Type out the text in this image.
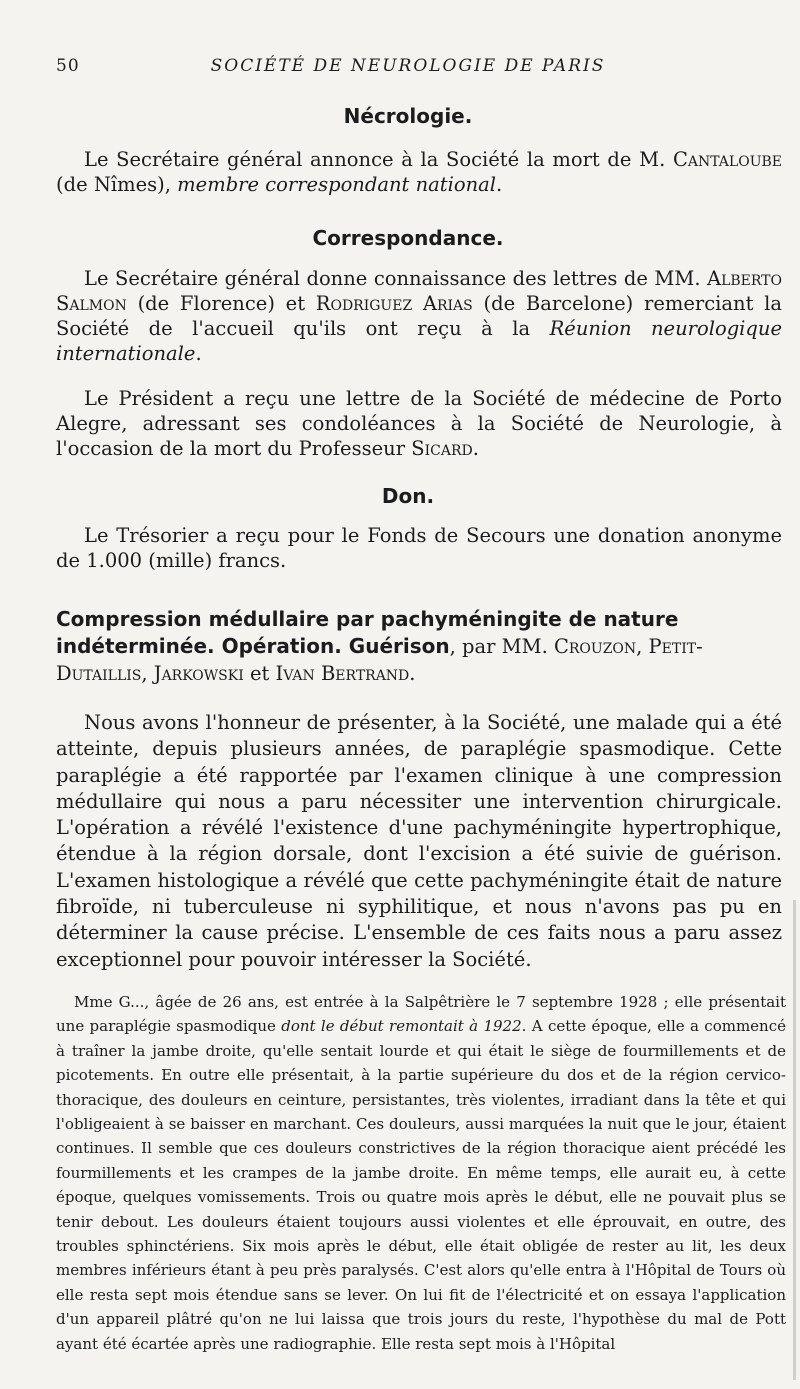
50	SOCIÉTÉ DE NEUROLOGIE DE PARIS
Nécrologie.
Le Secrétaire général annonce à la Société la mort de M. Cantaloube (de Nîmes), membre correspondant national.
Correspondance.
Le Secrétaire général donne connaissance des lettres de MM. Alberto Salmon (de Florence) et Rodriguez Arias (de Barcelone) remerciant la Société de l'accueil qu'ils ont reçu à la Réunion neurologique internationale.
Le Président a reçu une lettre de la Société de médecine de Porto Alegre, adressant ses condoléances à la Société de Neurologie, à l'occasion de la mort du Professeur Sicard.
Don.
Le Trésorier a reçu pour le Fonds de Secours une donation anonyme de 1.000 (mille) francs.
Compression médullaire par pachyméningite de nature indéterminée. Opération. Guérison, par MM. Crouzon, Petit-Dutaillis, Jarkowski et Ivan Bertrand.
Nous avons l'honneur de présenter, à la Société, une malade qui a été atteinte, depuis plusieurs années, de paraplégie spasmodique. Cette paraplégie a été rapportée par l'examen clinique à une compression médullaire qui nous a paru nécessiter une intervention chirurgicale. L'opération a révélé l'existence d'une pachyméningite hypertrophique, étendue à la région dorsale, dont l'excision a été suivie de guérison. L'examen histologique a révélé que cette pachyméningite était de nature fibroïde, ni tuberculeuse ni syphilitique, et nous n'avons pas pu en déterminer la cause précise. L'ensemble de ces faits nous a paru assez exceptionnel pour pouvoir intéresser la Société.
Mme G..., âgée de 26 ans, est entrée à la Salpêtrière le 7 septembre 1928 ; elle présentait une paraplégie spasmodique dont le début remontait à 1922. A cette époque, elle a commencé à traîner la jambe droite, qu'elle sentait lourde et qui était le siège de fourmillements et de picotements. En outre elle présentait, à la partie supérieure du dos et de la région cervico-thoracique, des douleurs en ceinture, persistantes, très violentes, irradiant dans la tête et qui l'obligeaient à se baisser en marchant. Ces douleurs, aussi marquées la nuit que le jour, étaient continues. Il semble que ces douleurs constrictives de la région thoracique aient précédé les fourmillements et les crampes de la jambe droite. En même temps, elle aurait eu, à cette époque, quelques vomissements. Trois ou quatre mois après le début, elle ne pouvait plus se tenir debout. Les douleurs étaient toujours aussi violentes et elle éprouvait, en outre, des troubles sphinctériens. Six mois après le début, elle était obligée de rester au lit, les deux membres inférieurs étant à peu près paralysés. C'est alors qu'elle entra à l'Hôpital de Tours où elle resta sept mois étendue sans se lever. On lui fit de l'électricité et on essaya l'application d'un appareil plâtré qu'on ne lui laissa que trois jours du reste, l'hypothèse du mal de Pott ayant été écartée après une radiographie. Elle resta sept mois à l'Hôpital
